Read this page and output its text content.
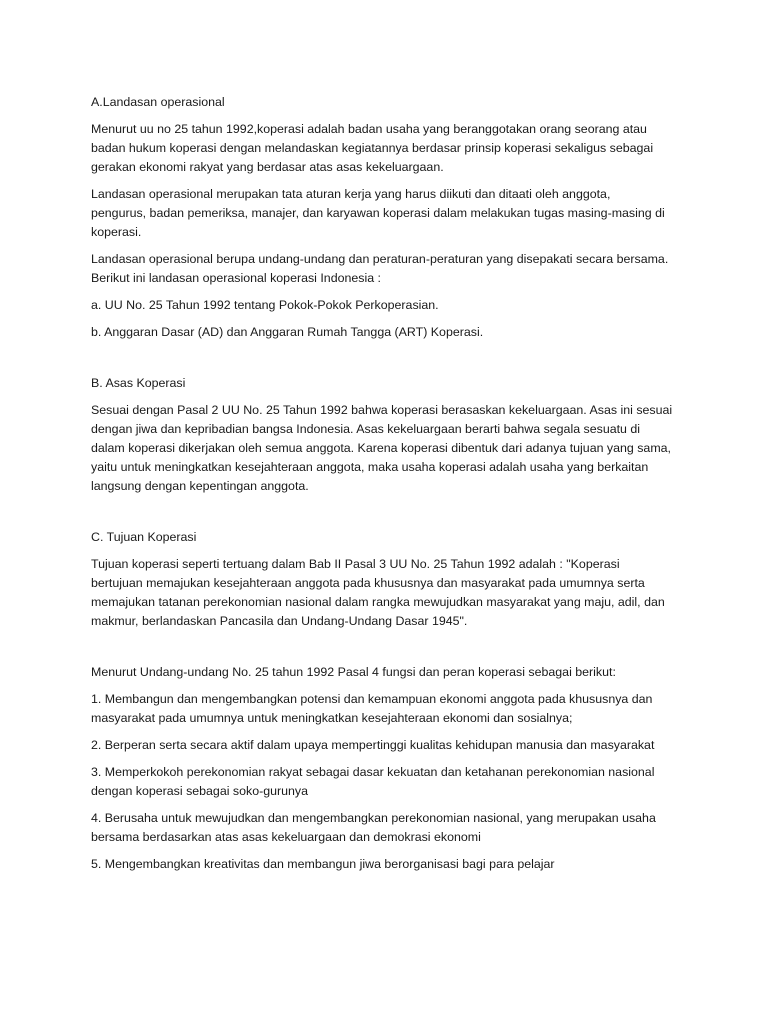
A.Landasan operasional

Menurut uu no 25 tahun 1992,koperasi adalah badan usaha yang beranggotakan orang seorang atau
badan hukum koperasi dengan melandaskan kegiatannya berdasar prinsip koperasi sekaligus sebagai
gerakan ekonomi rakyat yang berdasar atas asas kekeluargaan.

Landasan operasional merupakan tata aturan kerja yang harus diikuti dan ditaati oleh anggota,
pengurus, badan pemeriksa, manajer, dan karyawan koperasi dalam melakukan tugas masing-masing di
koperasi.

Landasan operasional berupa undang-undang dan peraturan-peraturan yang disepakati secara bersama.
Berikut ini landasan operasional koperasi Indonesia :

a. UU No. 25 Tahun 1992 tentang Pokok-Pokok Perkoperasian.

b. Anggaran Dasar (AD) dan Anggaran Rumah Tangga (ART) Koperasi.

B. Asas Koperasi

Sesuai dengan Pasal 2 UU No. 25 Tahun 1992 bahwa koperasi berasaskan kekeluargaan. Asas ini sesuai
dengan jiwa dan kepribadian bangsa Indonesia. Asas kekeluargaan berarti bahwa segala sesuatu di
dalam koperasi dikerjakan oleh semua anggota. Karena koperasi dibentuk dari adanya tujuan yang sama,
yaitu untuk meningkatkan kesejahteraan anggota, maka usaha koperasi adalah usaha yang berkaitan
langsung dengan kepentingan anggota.

C. Tujuan Koperasi

Tujuan koperasi seperti tertuang dalam Bab II Pasal 3 UU No. 25 Tahun 1992 adalah : "Koperasi
bertujuan memajukan kesejahteraan anggota pada khususnya dan masyarakat pada umumnya serta
memajukan tatanan perekonomian nasional dalam rangka mewujudkan masyarakat yang maju, adil, dan
makmur, berlandaskan Pancasila dan Undang-Undang Dasar 1945".

Menurut Undang-undang No. 25 tahun 1992 Pasal 4 fungsi dan peran koperasi sebagai berikut:

1. Membangun dan mengembangkan potensi dan kemampuan ekonomi anggota pada khususnya dan
masyarakat pada umumnya untuk meningkatkan kesejahteraan ekonomi dan sosialnya;

2. Berperan serta secara aktif dalam upaya mempertinggi kualitas kehidupan manusia dan masyarakat

3. Memperkokoh perekonomian rakyat sebagai dasar kekuatan dan ketahanan perekonomian nasional
dengan koperasi sebagai soko-gurunya

4. Berusaha untuk mewujudkan dan mengembangkan perekonomian nasional, yang merupakan usaha
bersama berdasarkan atas asas kekeluargaan dan demokrasi ekonomi

5. Mengembangkan kreativitas dan membangun jiwa berorganisasi bagi para pelajar
